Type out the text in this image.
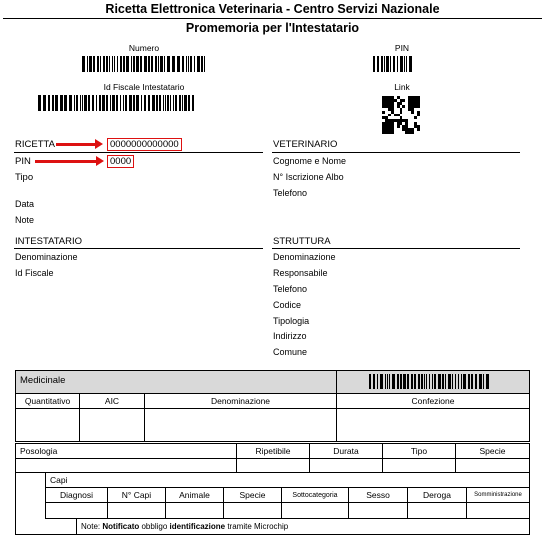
Ricetta Elettronica Veterinaria - Centro Servizi Nazionale
Promemoria per l'Intestatario
Numero	PIN
Id Fiscale Intestatario	Link
RICETTA	0000000000000
PIN	0000
Tipo
Data
Note
VETERINARIO
Cognome e Nome
N° Iscrizione Albo
Telefono
INTESTATARIO
Denominazione
Id Fiscale
STRUTTURA
Denominazione
Responsabile
Telefono
Codice
Tipologia
Indirizzo
Comune
Medicinale
Quantitativo	AIC	Denominazione	Confezione
Posologia	Ripetibile	Durata	Tipo	Specie
Capi
Diagnosi	N° Capi	Animale	Specie	Sottocategoria	Sesso	Deroga	Somministrazione
Note: Notificato obbligo identificazione tramite Microchip
